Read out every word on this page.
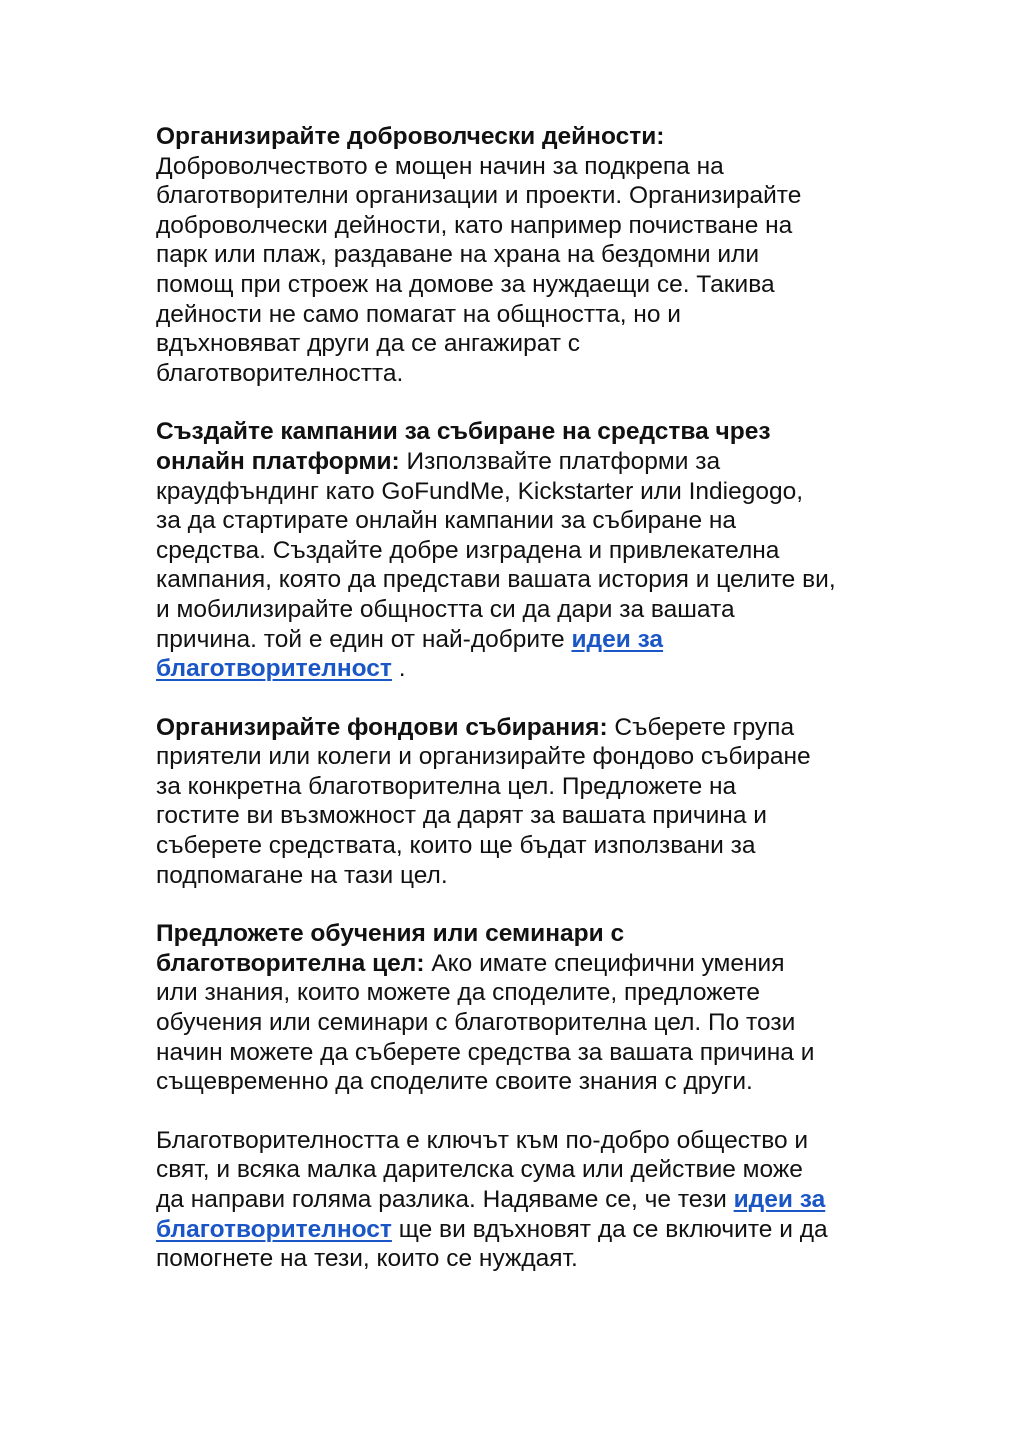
Организирайте доброволчески дейности:
Доброволчеството е мощен начин за подкрепа на
благотворителни организации и проекти. Организирайте
доброволчески дейности, като например почистване на
парк или плаж, раздаване на храна на бездомни или
помощ при строеж на домове за нуждаещи се. Такива
дейности не само помагат на общността, но и
вдъхновяват други да се ангажират с
благотворителността.
Създайте кампании за събиране на средства чрез
онлайн платформи: Използвайте платформи за
краудфъндинг като GoFundMe, Kickstarter или Indiegogo,
за да стартирате онлайн кампании за събиране на
средства. Създайте добре изградена и привлекателна
кампания, която да представи вашата история и целите ви,
и мобилизирайте общността си да дари за вашата
причина. той е един от най-добрите идеи за
благотворителност .
Организирайте фондови събирания: Съберете група
приятели или колеги и организирайте фондово събиране
за конкретна благотворителна цел. Предложете на
гостите ви възможност да дарят за вашата причина и
съберете средствата, които ще бъдат използвани за
подпомагане на тази цел.
Предложете обучения или семинари с
благотворителна цел: Ако имате специфични умения
или знания, които можете да споделите, предложете
обучения или семинари с благотворителна цел. По този
начин можете да съберете средства за вашата причина и
същевременно да споделите своите знания с други.
Благотворителността е ключът към по-добро общество и
свят, и всяка малка дарителска сума или действие може
да направи голяма разлика. Надяваме се, че тези идеи за
благотворителност ще ви вдъхновят да се включите и да
помогнете на тези, които се нуждаят.
